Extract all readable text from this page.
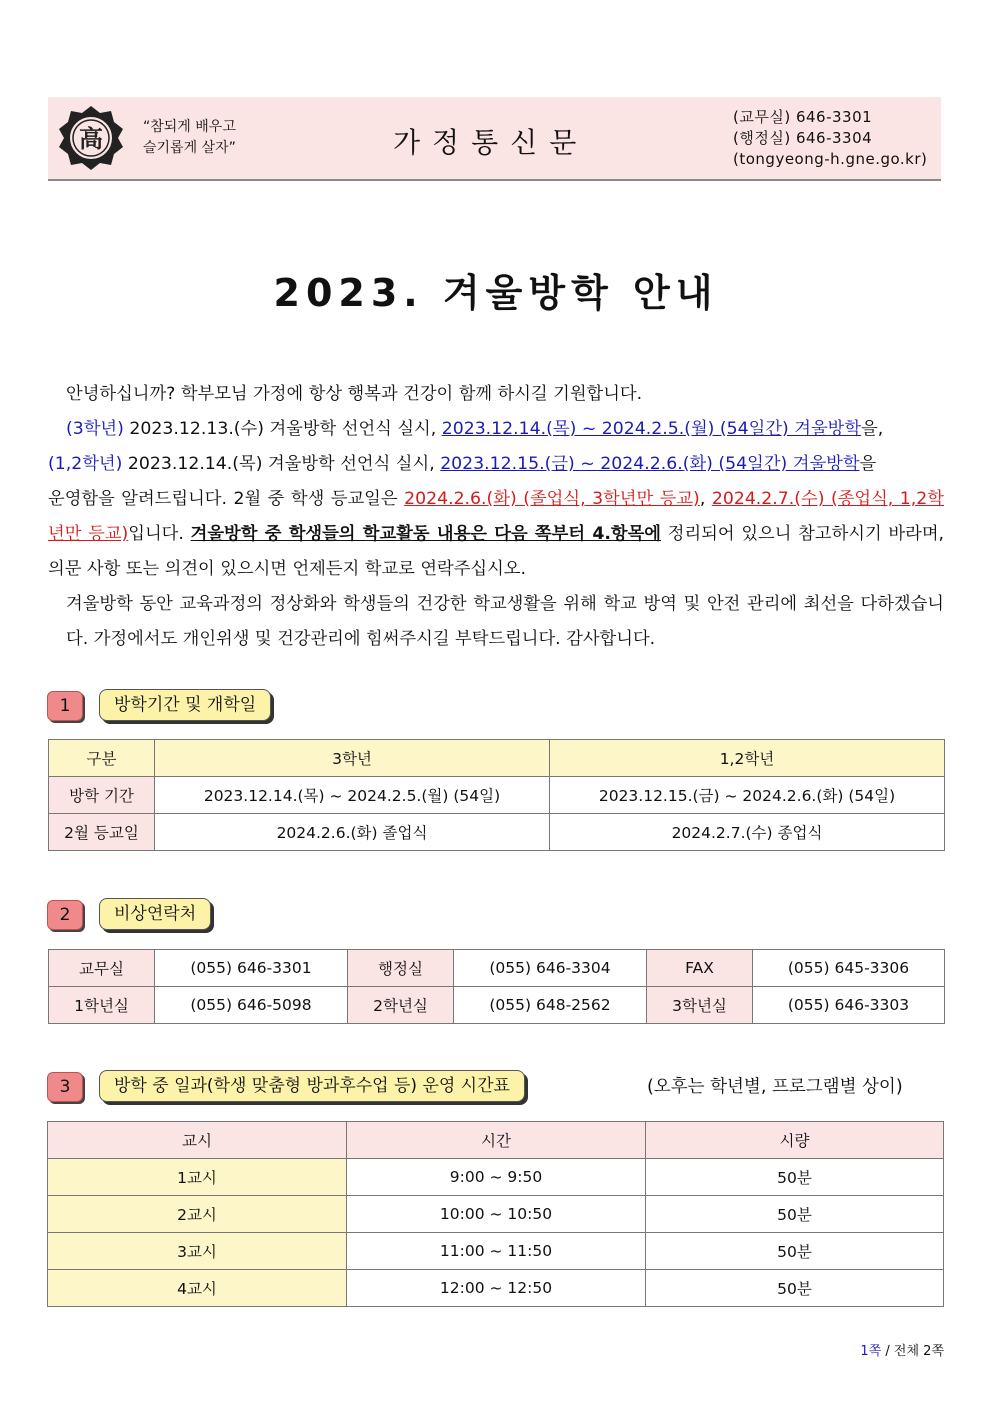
高	“참되게 배우고
슬기롭게 살자”	가정통신문
(교무실) 646-3301
(행정실) 646-3304
(tongyeong-h.gne.go.kr)
2023. 겨울방학 안내

안녕하십니까? 학부모님 가정에 항상 행복과 건강이 함께 하시길 기원합니다.

(3학년) 2023.12.13.(수) 겨울방학 선언식 실시, 2023.12.14.(목) ~ 2024.2.5.(월) (54일간) 겨울방학을,

(1,2학년) 2023.12.14.(목) 겨울방학 선언식 실시, 2023.12.15.(금) ~ 2024.2.6.(화) (54일간) 겨울방학을

운영함을 알려드립니다. 2월 중 학생 등교일은 2024.2.6.(화) (졸업식, 3학년만 등교), 2024.2.7.(수) (종업식, 1,2학년만 등교)입니다. 겨울방학 중 학생들의 학교활동 내용은 다음 쪽부터 4.항목에 정리되어 있으니 참고하시기 바라며, 의문 사항 또는 의견이 있으시면 언제든지 학교로 연락주십시오.

겨울방학 동안 교육과정의 정상화와 학생들의 건강한 학교생활을 위해 학교 방역 및 안전 관리에 최선을 다하겠습니다. 가정에서도 개인위생 및 건강관리에 힘써주시길 부탁드립니다. 감사합니다.

1	방학기간 및 개학일
구분	3학년	1,2학년
방학 기간	2023.12.14.(목) ~ 2024.2.5.(월) (54일)	2023.12.15.(금) ~ 2024.2.6.(화) (54일)
2월 등교일	2024.2.6.(화) 졸업식	2024.2.7.(수) 종업식
2	비상연락처
교무실	(055) 646-3301	행정실	(055) 646-3304	FAX	(055) 645-3306
1학년실	(055) 646-5098	2학년실	(055) 648-2562	3학년실	(055) 646-3303
3	방학 중 일과(학생 맞춤형 방과후수업 등) 운영 시간표	(오후는 학년별, 프로그램별 상이)
교시	시간	시량
1교시	9:00 ~ 9:50	50분
2교시	10:00 ~ 10:50	50분
3교시	11:00 ~ 11:50	50분
4교시	12:00 ~ 12:50	50분
1쪽 / 전체 2쪽
